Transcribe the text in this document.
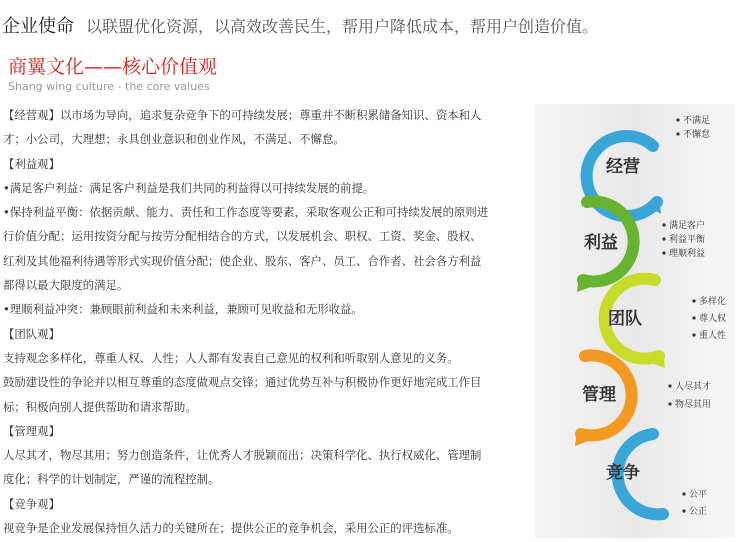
企业使命 以联盟优化资源，以高效改善民生，帮用户降低成本，帮用户创造价值。
商翼文化——核心价值观
Shang wing culture - the core values

【经营观】以市场为导向，追求复杂竞争下的可持续发展；尊重并不断积累储备知识、资本和人

才；小公司，大理想；永具创业意识和创业作风，不满足、不懈怠。

【利益观】

•满足客户利益：满足客户利益是我们共同的利益得以可持续发展的前提。

•保持利益平衡：依据贡献、能力、责任和工作态度等要素，采取客观公正和可持续发展的原则进

行价值分配；运用按资分配与按劳分配相结合的方式，以发展机会、职权、工资、奖金、股权、

红利及其他福利待遇等形式实现价值分配；使企业、股东、客户、员工、合作者、社会各方利益

都得以最大限度的满足。

•理顺利益冲突：兼顾眼前利益和未来利益，兼顾可见收益和无形收益。

【团队观】

支持观念多样化，尊重人权、人性；人人都有发表自己意见的权利和听取别人意见的义务。

鼓励建设性的争论并以相互尊重的态度做观点交锋；通过优势互补与积极协作更好地完成工作目

标；积极向别人提供帮助和请求帮助。

【管理观】

人尽其才，物尽其用；努力创造条件，让优秀人才脱颖而出；决策科学化、执行权威化、管理制

度化；科学的计划制定，严谨的流程控制。

【竞争观】

视竞争是企业发展保持恒久活力的关键所在；提供公正的竞争机会，采用公正的评选标准。

经营
利益
团队
管理
竞争
不满足
不懈怠
满足客户
利益平衡
理顺利益
多样化
尊人权
重人性
人尽其才
物尽其用
公平
公正
